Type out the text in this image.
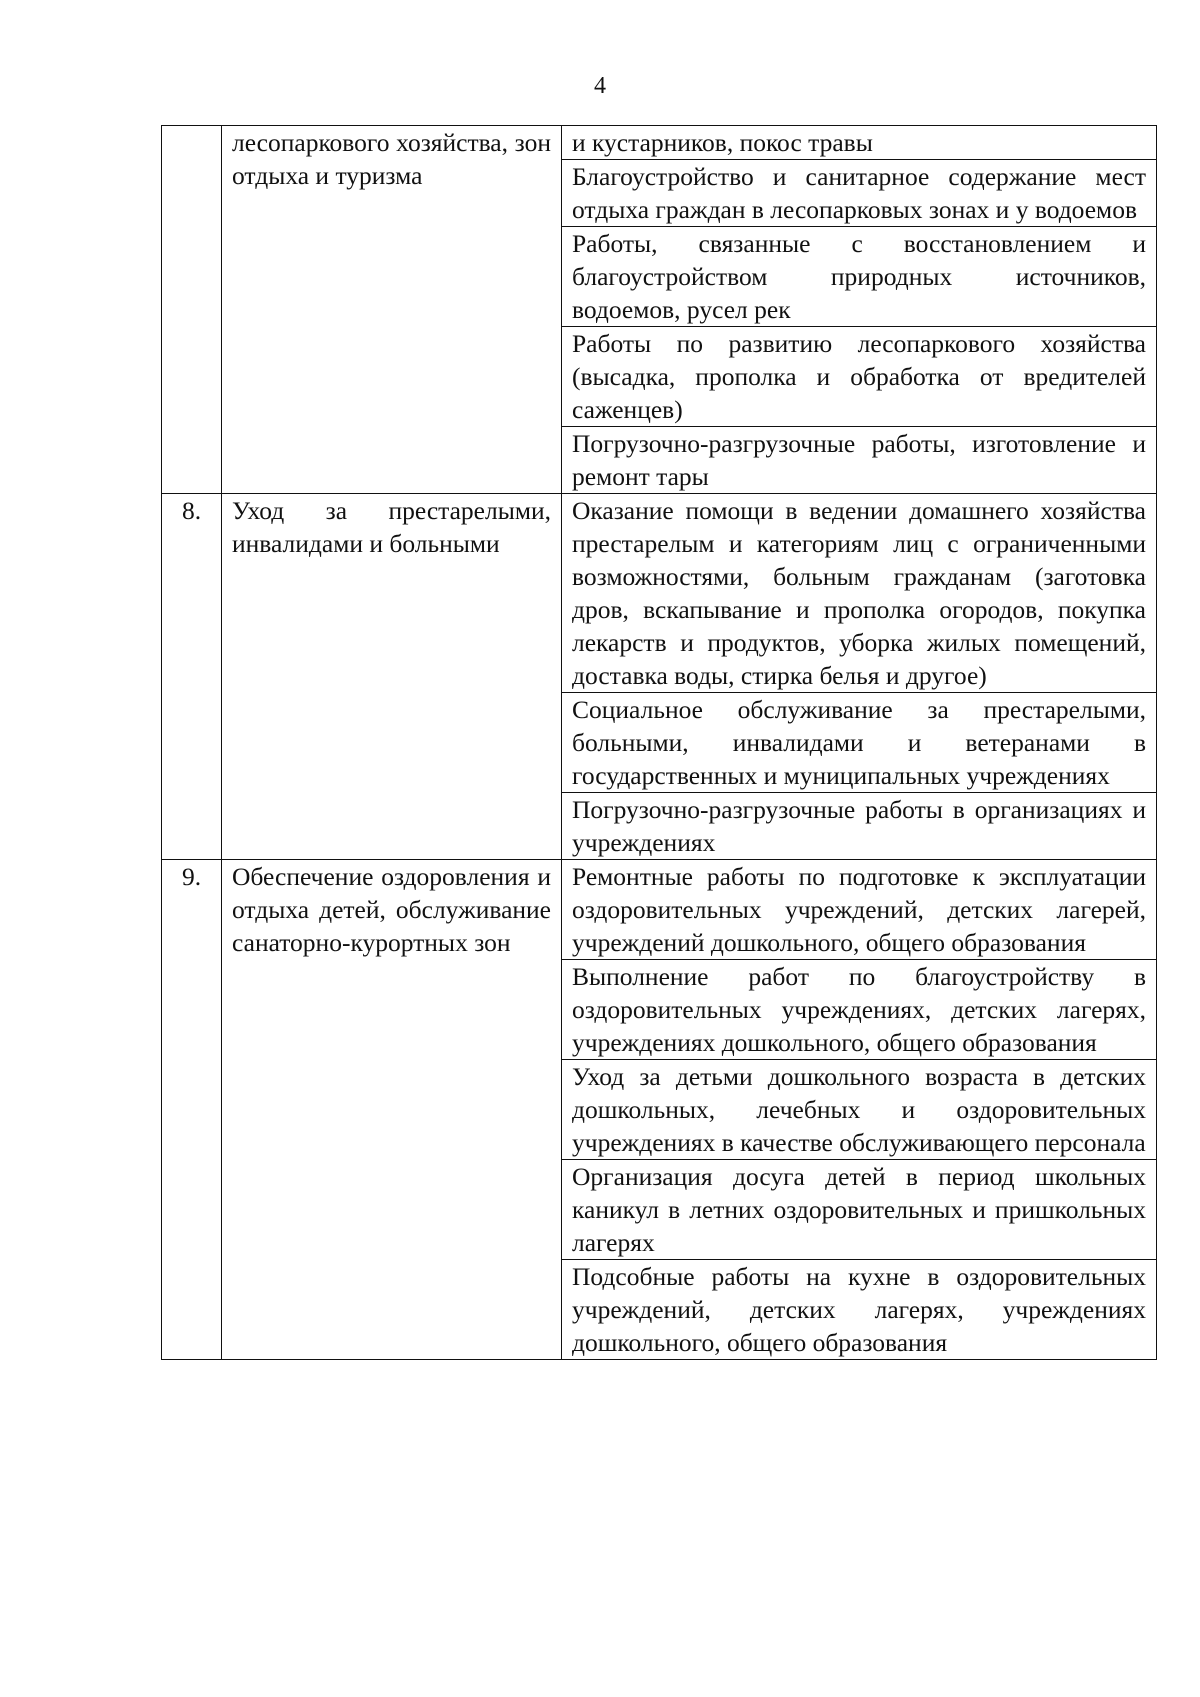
4
	лесопаркового хозяйства, зон отдыха и туризма	и кустарников, покос травы
		Благоустройство и санитарное содержание мест отдыха граждан в лесопарковых зонах и у водоемов
		Работы, связанные с восстановлением и благоустройством природных источников, водоемов, русел рек
		Работы по развитию лесопаркового хозяйства (высадка, прополка и обработка от вредителей саженцев)
		Погрузочно-разгрузочные работы, изготовление и ремонт тары
8.	Уход за престарелыми, инвалидами и больными	Оказание помощи в ведении домашнего хозяйства престарелым и категориям лиц с ограниченными возможностями, больным гражданам (заготовка дров, вскапывание и прополка огородов, покупка лекарств и продуктов, уборка жилых помещений, доставка воды, стирка белья и другое)
		Социальное обслуживание за престарелыми, больными, инвалидами и ветеранами в государственных и муниципальных учреждениях
		Погрузочно-разгрузочные работы в организациях и учреждениях
9.	Обеспечение оздоровления и отдыха детей, обслуживание санаторно-курортных зон	Ремонтные работы по подготовке к эксплуатации оздоровительных учреждений, детских лагерей, учреждений дошкольного, общего образования
		Выполнение работ по благоустройству в оздоровительных учреждениях, детских лагерях, учреждениях дошкольного, общего образования
		Уход за детьми дошкольного возраста в детских дошкольных, лечебных и оздоровительных учреждениях в качестве обслуживающего персонала
		Организация досуга детей в период школьных каникул в летних оздоровительных и пришкольных лагерях
		Подсобные работы на кухне в оздоровительных учреждений, детских лагерях, учреждениях дошкольного, общего образования
